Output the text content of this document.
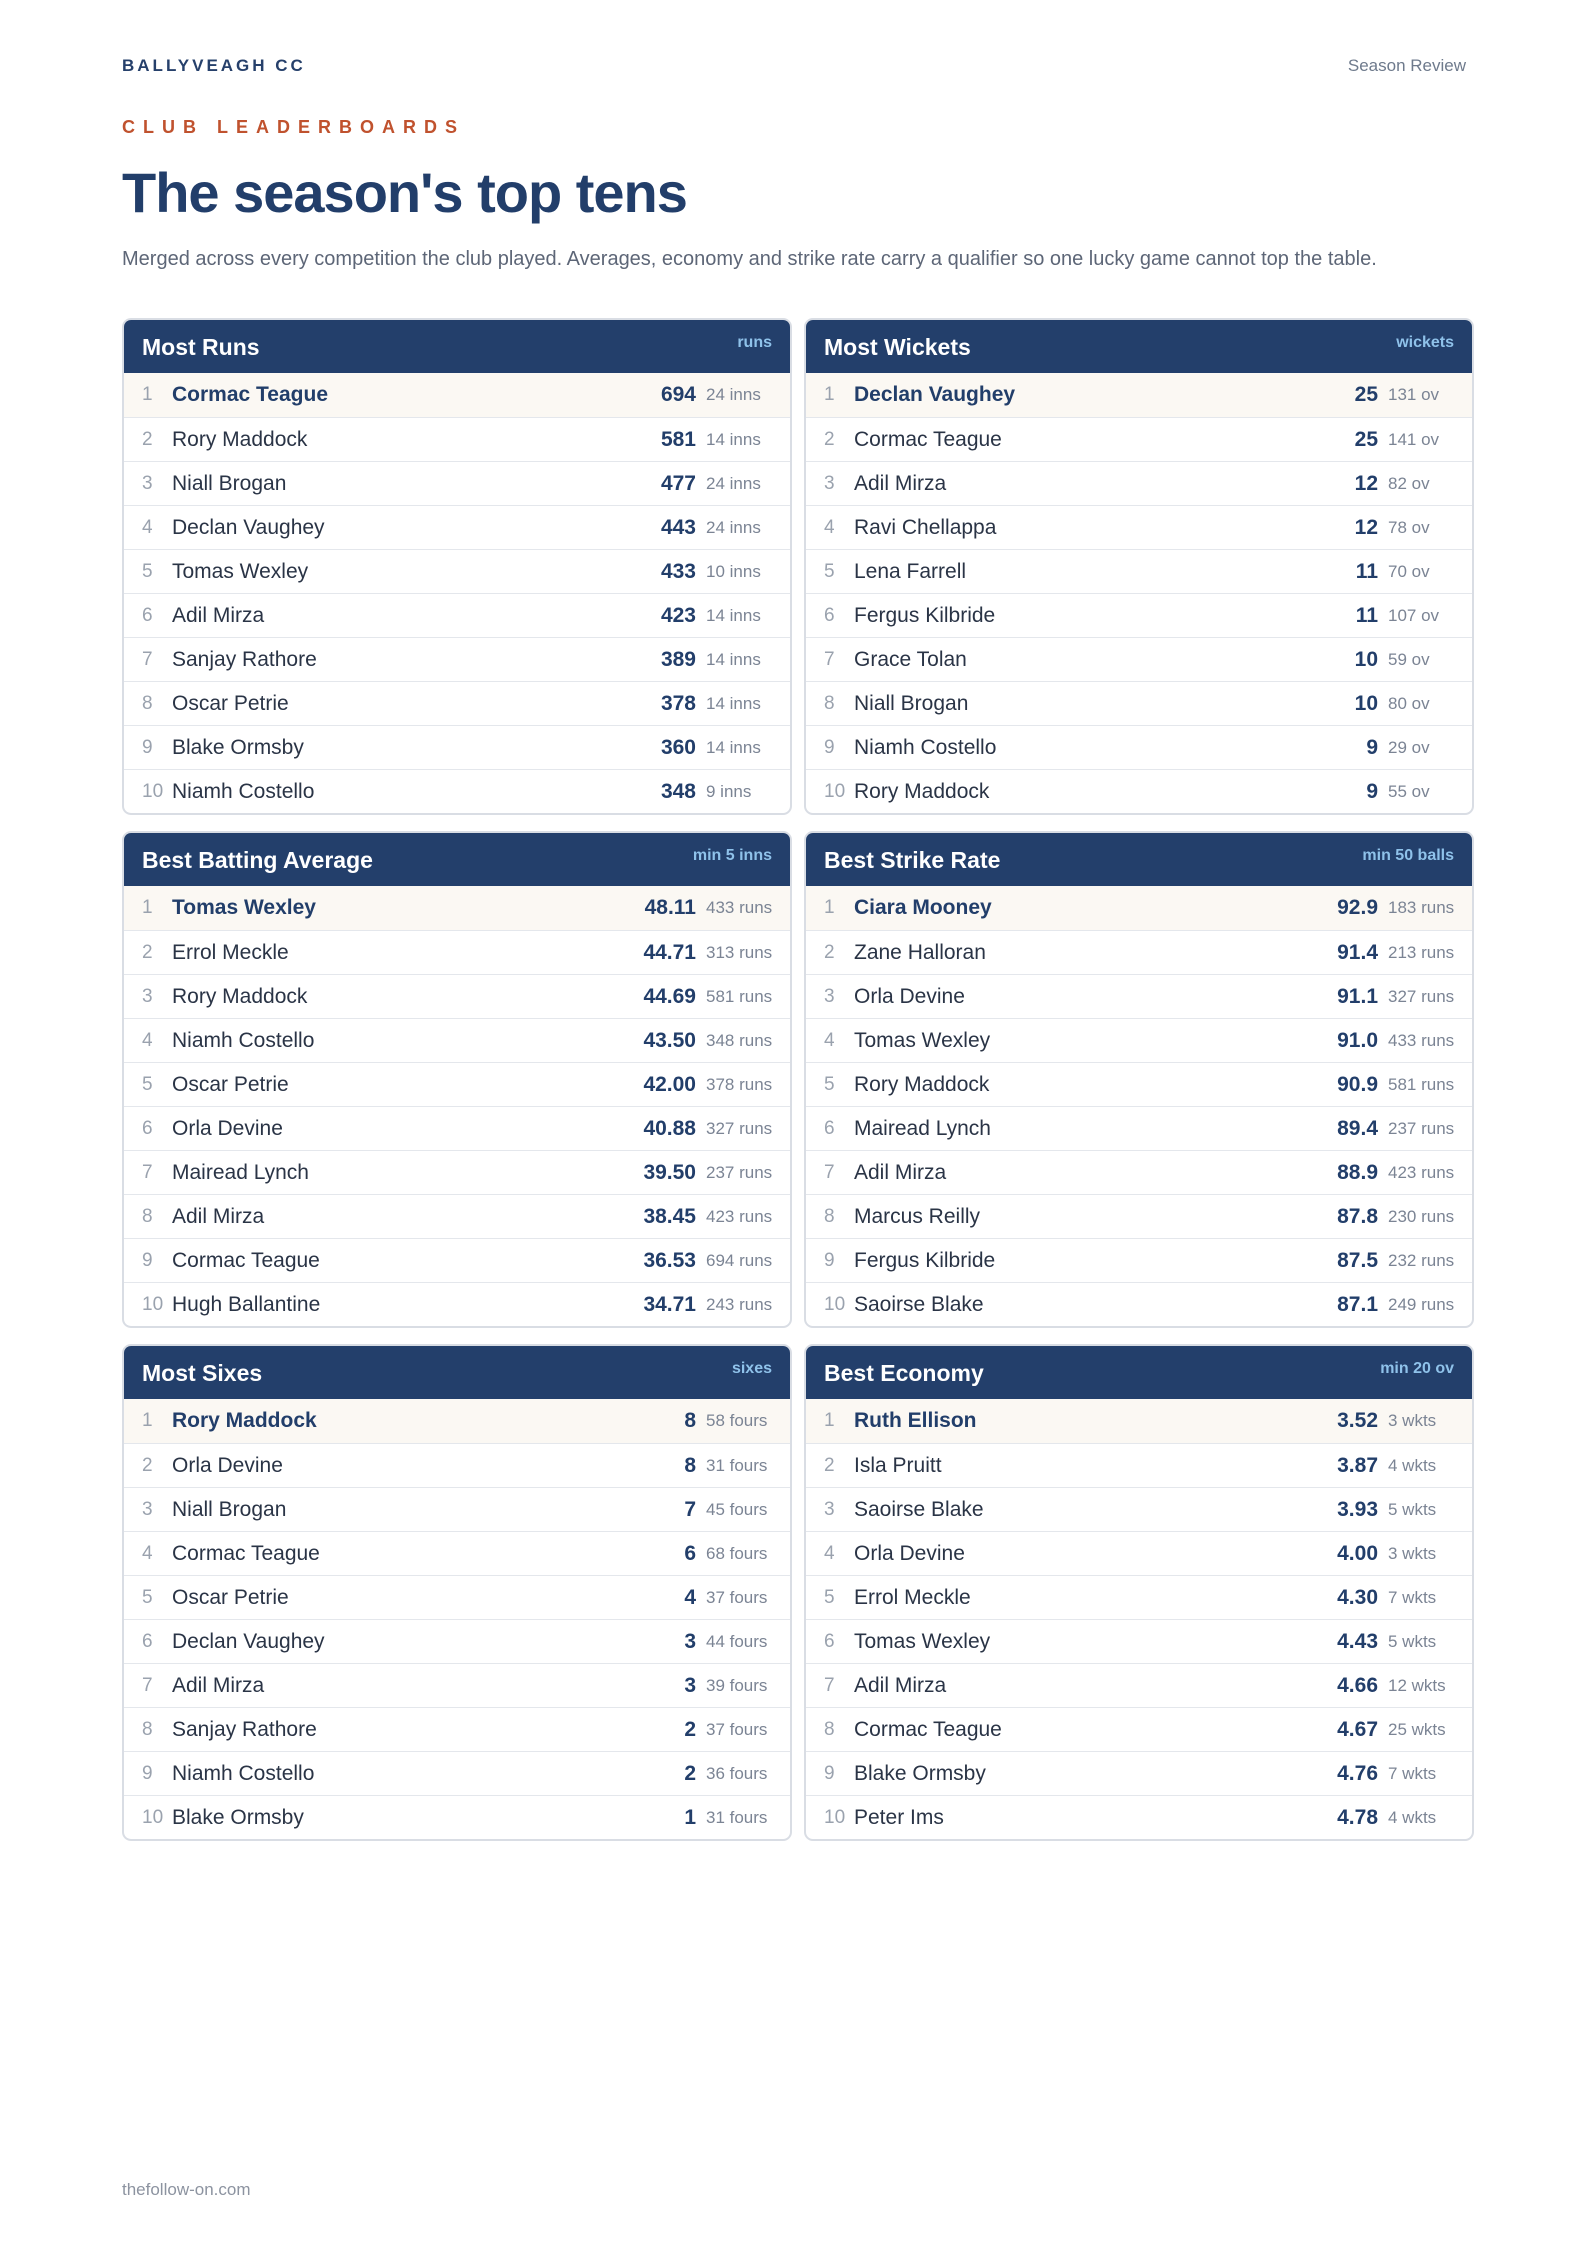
BALLYVEAGH CC	Season Review
CLUB LEADERBOARDS
The season's top tens

Merged across every competition the club played. Averages, economy and strike rate carry a qualifier so one lucky game cannot top the table.

Most Runs	runs
1 Cormac Teague	694 24 inns
2 Rory Maddock	581 14 inns
3 Niall Brogan	477 24 inns
4 Declan Vaughey	443 24 inns
5 Tomas Wexley	433 10 inns
6 Adil Mirza	423 14 inns
7 Sanjay Rathore	389 14 inns
8 Oscar Petrie	378 14 inns
9 Blake Ormsby	360 14 inns
10 Niamh Costello	348 9 inns
Most Wickets	wickets
1 Declan Vaughey	25 131 ov
2 Cormac Teague	25 141 ov
3 Adil Mirza	12 82 ov
4 Ravi Chellappa	12 78 ov
5 Lena Farrell	11 70 ov
6 Fergus Kilbride	11 107 ov
7 Grace Tolan	10 59 ov
8 Niall Brogan	10 80 ov
9 Niamh Costello	9 29 ov
10 Rory Maddock	9 55 ov
Best Batting Average	min 5 inns
1 Tomas Wexley	48.11 433 runs
2 Errol Meckle	44.71 313 runs
3 Rory Maddock	44.69 581 runs
4 Niamh Costello	43.50 348 runs
5 Oscar Petrie	42.00 378 runs
6 Orla Devine	40.88 327 runs
7 Mairead Lynch	39.50 237 runs
8 Adil Mirza	38.45 423 runs
9 Cormac Teague	36.53 694 runs
10 Hugh Ballantine	34.71 243 runs
Best Strike Rate	min 50 balls
1 Ciara Mooney	92.9 183 runs
2 Zane Halloran	91.4 213 runs
3 Orla Devine	91.1 327 runs
4 Tomas Wexley	91.0 433 runs
5 Rory Maddock	90.9 581 runs
6 Mairead Lynch	89.4 237 runs
7 Adil Mirza	88.9 423 runs
8 Marcus Reilly	87.8 230 runs
9 Fergus Kilbride	87.5 232 runs
10 Saoirse Blake	87.1 249 runs
Most Sixes	sixes
1 Rory Maddock	8 58 fours
2 Orla Devine	8 31 fours
3 Niall Brogan	7 45 fours
4 Cormac Teague	6 68 fours
5 Oscar Petrie	4 37 fours
6 Declan Vaughey	3 44 fours
7 Adil Mirza	3 39 fours
8 Sanjay Rathore	2 37 fours
9 Niamh Costello	2 36 fours
10 Blake Ormsby	1 31 fours
Best Economy	min 20 ov
1 Ruth Ellison	3.52 3 wkts
2 Isla Pruitt	3.87 4 wkts
3 Saoirse Blake	3.93 5 wkts
4 Orla Devine	4.00 3 wkts
5 Errol Meckle	4.30 7 wkts
6 Tomas Wexley	4.43 5 wkts
7 Adil Mirza	4.66 12 wkts
8 Cormac Teague	4.67 25 wkts
9 Blake Ormsby	4.76 7 wkts
10 Peter Ims	4.78 4 wkts
thefollow-on.com
